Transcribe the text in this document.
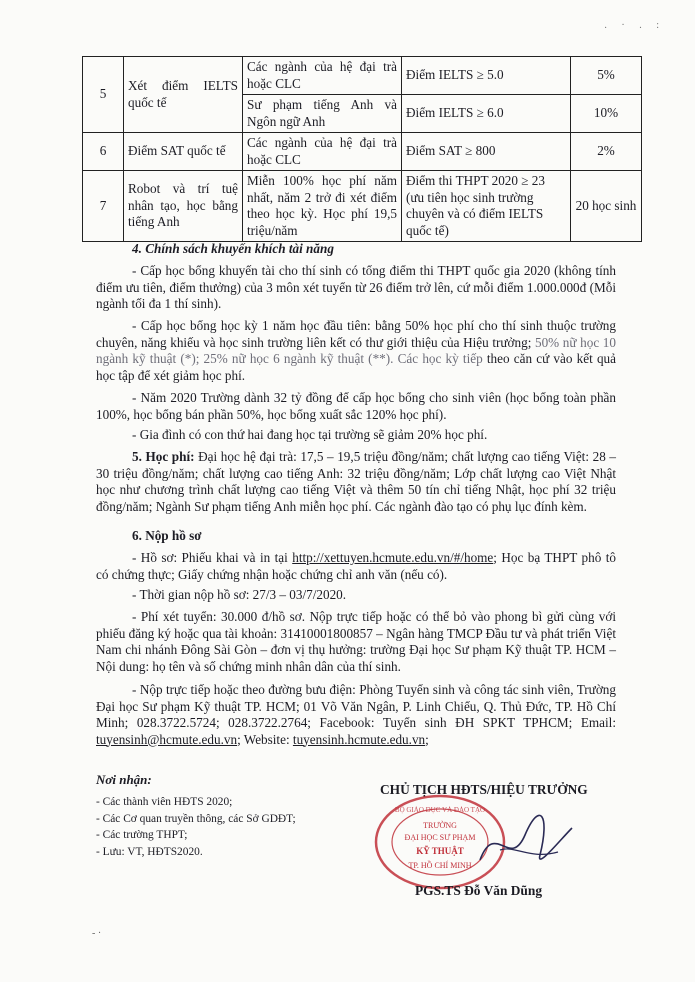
. · . :
5	Xét điểm IELTS quốc tế	Các ngành của hệ đại trà hoặc CLC	Điểm IELTS ≥ 5.0	5%
		Sư phạm tiếng Anh và Ngôn ngữ Anh	Điểm IELTS ≥ 6.0	10%
6	Điểm SAT quốc tế	Các ngành của hệ đại trà hoặc CLC	Điểm SAT ≥ 800	2%
7	Robot và trí tuệ nhân tạo, học bằng tiếng Anh	Miễn 100% học phí năm nhất, năm 2 trở đi xét điểm theo học kỳ. Học phí 19,5 triệu/năm	Điểm thi THPT 2020 ≥ 23 (ưu tiên học sinh trường chuyên và có điểm IELTS quốc tế)	20 học sinh
4. Chính sách khuyến khích tài năng
- Cấp học bổng khuyến tài cho thí sinh có tổng điểm thi THPT quốc gia 2020 (không tính điểm ưu tiên, điểm thưởng) của 3 môn xét tuyển từ 26 điểm trở lên, cứ mỗi điểm 1.000.000đ (Mỗi ngành tối đa 1 thí sinh).
- Cấp học bổng học kỳ 1 năm học đầu tiên: bằng 50% học phí cho thí sinh thuộc trường chuyên, năng khiếu và học sinh trường liên kết có thư giới thiệu của Hiệu trưởng; 50% nữ học 10 ngành kỹ thuật (*); 25% nữ học 6 ngành kỹ thuật (**). Các học kỳ tiếp theo căn cứ vào kết quả học tập để xét giảm học phí.
- Năm 2020 Trường dành 32 tỷ đồng để cấp học bổng cho sinh viên (học bổng toàn phần 100%, học bổng bán phần 50%, học bổng xuất sắc 120% học phí).
- Gia đình có con thứ hai đang học tại trường sẽ giảm 20% học phí.
5. Học phí: Đại học hệ đại trà: 17,5 – 19,5 triệu đồng/năm; chất lượng cao tiếng Việt: 28 – 30 triệu đồng/năm; chất lượng cao tiếng Anh: 32 triệu đồng/năm; Lớp chất lượng cao Việt Nhật học như chương trình chất lượng cao tiếng Việt và thêm 50 tín chỉ tiếng Nhật, học phí 32 triệu đồng/năm; Ngành Sư phạm tiếng Anh miễn học phí. Các ngành đào tạo có phụ lục đính kèm.
6. Nộp hồ sơ
- Hồ sơ: Phiếu khai và in tại http://xettuyen.hcmute.edu.vn/#/home; Học bạ THPT phô tô có chứng thực; Giấy chứng nhận hoặc chứng chỉ anh văn (nếu có).
- Thời gian nộp hồ sơ: 27/3 – 03/7/2020.
- Phí xét tuyển: 30.000 đ/hồ sơ. Nộp trực tiếp hoặc có thể bỏ vào phong bì gửi cùng với phiếu đăng ký hoặc qua tài khoản: 31410001800857 – Ngân hàng TMCP Đầu tư và phát triển Việt Nam chi nhánh Đông Sài Gòn – đơn vị thụ hưởng: trường Đại học Sư phạm Kỹ thuật TP. HCM – Nội dung: họ tên và số chứng minh nhân dân của thí sinh.
- Nộp trực tiếp hoặc theo đường bưu điện: Phòng Tuyển sinh và công tác sinh viên, Trường Đại học Sư phạm Kỹ thuật TP. HCM; 01 Võ Văn Ngân, P. Linh Chiểu, Q. Thủ Đức, TP. Hồ Chí Minh; 028.3722.5724; 028.3722.2764; Facebook: Tuyển sinh ĐH SPKT TPHCM; Email: tuyensinh@hcmute.edu.vn; Website: tuyensinh.hcmute.edu.vn;
Nơi nhận:
- Các thành viên HĐTS 2020;
- Các Cơ quan truyền thông, các Sở GDĐT;
- Các trường THPT;
- Lưu: VT, HĐTS2020.
CHỦ TỊCH HĐTS/HIỆU TRƯỞNG
BỘ GIÁO DỤC VÀ ĐÀO TẠO
TRƯỜNG
ĐẠI HỌC SƯ PHẠM
KỸ THUẬT
TP. HỒ CHÍ MINH
PGS.TS Đỗ Văn Dũng
- ·
